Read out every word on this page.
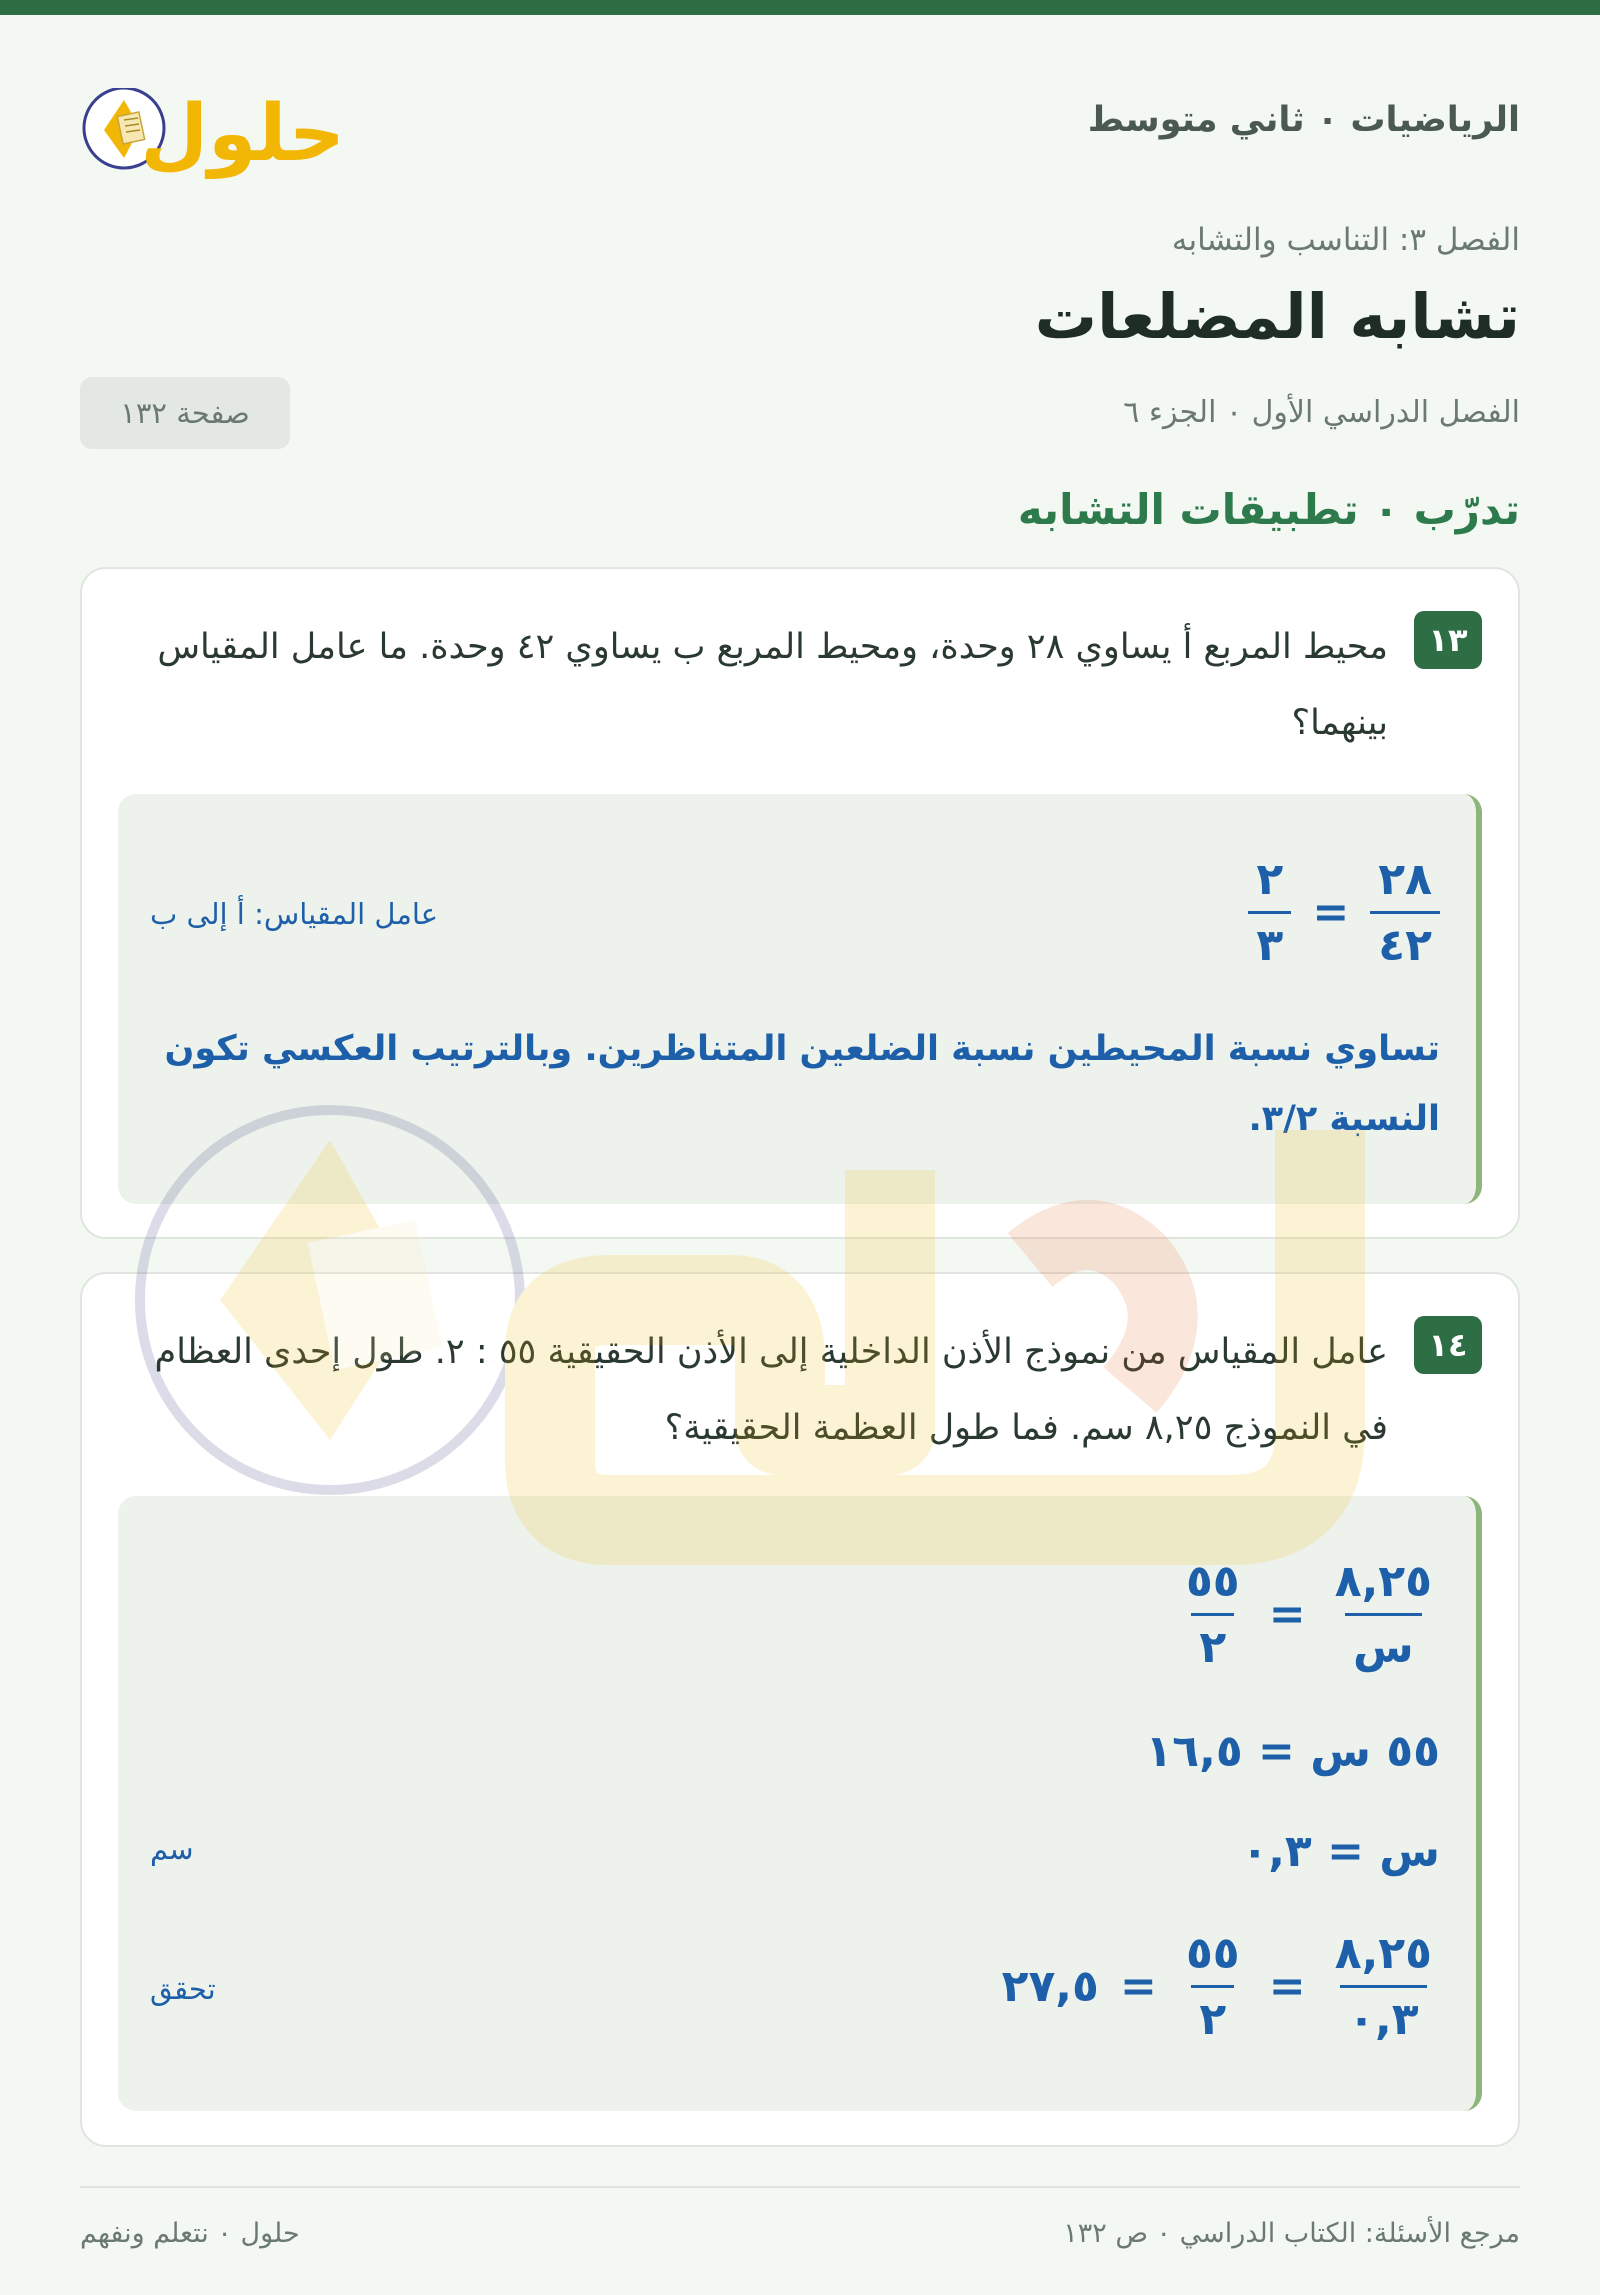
الرياضيات ٠ ثاني متوسط
حلول
الفصل ٣: التناسب والتشابه
تشابه المضلعات
الفصل الدراسي الأول ٠ الجزء ٦
صفحة ١٣٢
تدرّب ٠ تطبيقات التشابه
١٣
محيط المربع أ يساوي ٢٨ وحدة، ومحيط المربع ب يساوي ٤٢ وحدة. ما عامل المقياس بينهما؟
$\frac{٢٨}{٤٢}$
=
$\frac{٢}{٣}$
عامل المقياس: أ إلى ب
تساوي نسبة المحيطين نسبة الضلعين المتناظرين. وبالترتيب العكسي تكون النسبة ٣/٢.
١٤
عامل المقياس من نموذج الأذن الداخلية إلى الأذن الحقيقية ٥٥ : ٢. طول إحدى العظام في النموذج ٨,٢٥ سم. فما طول العظمة الحقيقية؟
$\frac{٨,٢٥}{\text{س}}$
=
$\frac{٥٥}{٢}$
٥٥ س = ١٦,٥
س = ٠,٣
سم
$\frac{٨,٢٥}{٠,٣}$
=
$\frac{٥٥}{٢}$
= ٢٧,٥
تحقق
مرجع الأسئلة: الكتاب الدراسي ٠ ص ١٣٢
حلول ٠ نتعلم ونفهم
